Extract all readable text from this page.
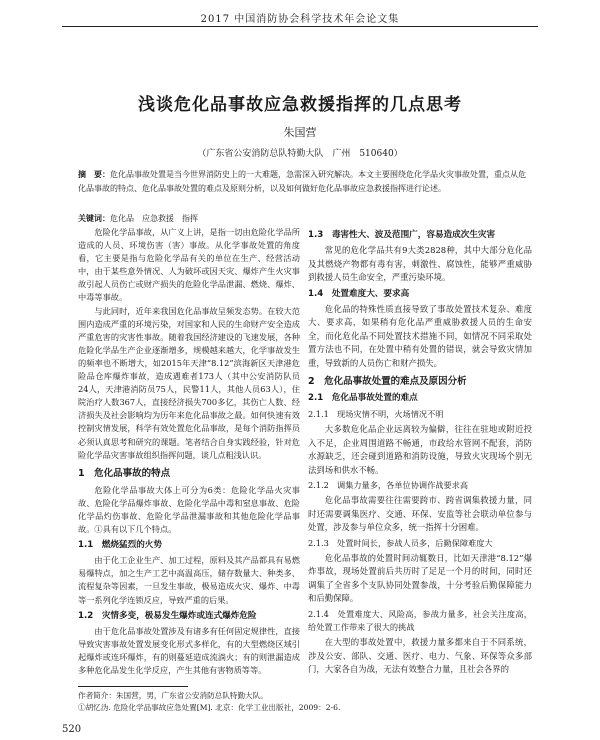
2017 中国消防协会科学技术年会论文集
浅谈危化品事故应急救援指挥的几点思考
朱国营
（广东省公安消防总队特勤大队　广州　510640）
摘　要：危化品事故处置是当今世界消防史上的一大难题，急需深入研究解决。本文主要围绕危化学品火灾事故处置，重点从危化品事故的特点、危化品事故处置的难点及原则分析，以及如何做好危化品事故应急救援指挥进行论述。
关键词：危化品　应急救援　指挥

危险化学品事故，从广义上讲，是指一切由危险化学品所造成的人员、环境伤害（害）事故。从化学事故处置的角度看，它主要是指与危险化学品有关的单位在生产、经营活动中，由于某些意外情况、人为破坏或因天灾、爆炸产生火灾事故引起人员伤亡或财产损失的危险化学品泄漏、燃烧、爆炸、中毒等事故。

与此同时，近年来我国危化品事故呈频发态势。在较大范围内造成严重的环境污染，对国家和人民的生命财产安全造成严重危害的灾害性事故。随着我国经济建设的飞速发展，各种危险化学品生产企业逐渐增多，规模越来越大，化学事故发生的频率也不断增大，如2015年天津“8.12”滨海新区天津港危险品仓库爆炸事故，造成遇难者173人（其中公安消防队员24人，天津港消防员75人，民警11人，其他人员63人），住院治疗人数367人，直接经济损失700多亿，其伤亡人数、经济损失及社会影响均为历年来危化品事故之最。如何快速有效控制灾情发展，科学有效处置危化品事故，是每个消防指挥员必须认真思考和研究的课题。笔者结合自身实践经验，针对危险化学品灾害事故组织指挥问题，谈几点粗浅认识。

1　危化品事故的特点

危险化学品事故大体上可分为6类：危险化学品火灾事故、危险化学品爆炸事故、危险化学品中毒和窒息事故、危险化学品灼伤事故、危险化学品泄漏事故和其他危险化学品事故。①具有以下几个特点。

1.1　燃烧猛烈的火势

由于化工企业生产、加工过程，原料及其产品都具有易燃易爆特点，加之生产工艺中高温高压，储存数量大、种类多、流程复杂等因素，一旦发生事故，极易造成火灾、爆炸、中毒等一系列化学连锁反应，导致严重的后果。

1.2　灾情多变，极易发生爆炸或连式爆炸危险

由于危化品事故处置涉及有诸多有任何固定规律性，直接导致灾害事故处置发展变化形式多样化，有的大型燃烧区域引起爆炸或连环爆炸，有的则蔓延造成流淌火；有的则泄漏造成多种危化品发生化学反应，产生其他有害物质等等。

1.3　毒害性大、波及范围广，容易造成次生灾害

常见的危化学品共有9大类2828种，其中大部分危化品及其燃烧产物都有毒有害，刺激性、腐蚀性，能够严重威胁到救援人员生命安全，严重污染环境。

1.4　处置难度大、要求高

危化品的特殊性质直接导致了事故处置技术复杂、难度大、要求高，如果稍有危化品严重威胁救援人员的生命安全，而化危化品不同处置技术措施不同，如情况不同采取处置方法也不同，在处置中稍有处置的错误，就会导致灾情加重，导致新的人员伤亡和财产损失。

2　危化品事故处置的难点及原因分析
2.1　危化品事故处置的难点
2.1.1　现场灾情不明，火场情况不明

大多数危化品企业远离较为偏僻，往往在驻地或附近投入不足，企业周围道路不畅通，市政给水管网不配套，消防水源缺乏，还会碰到道路和消防设施，导致火灾现场个别无法到场和供水不畅。

2.1.2　调集力量多，各单位协调作战要求高

危化品事故需要往往需要跨市、跨省调集救援力量，同时还需要调集医疗、交通、环保、安监等社会联动单位参与处置，涉及参与单位众多，统一指挥十分困难。

2.1.3　处置时间长，参战人员多，后勤保障难度大

危化品事故的处置时间动辄数日，比如天津港“8.12”爆炸事故，现场处置前后共历时了足足一个月的时间，同时还调集了全省多个支队协同处置参战，十分考验后勤保障能力和后勤保障。

2.1.4　处置难度大、风险高，参战力量多，社会关注度高，给处置工作带来了很大的挑战

在大型的事故处置中，救援力量多都来自于不同系统，涉及公安、部队、交通、医疗、电力、气象、环保等众多部门，大家各自为战，无法有效整合力量，且社会各界的

作者简介：朱国营，男，广东省公安消防总队特勤大队。
①胡忆沩. 危险化学品事故应急处置[M]. 北京：化学工业出版社，2009：2-6.
520
